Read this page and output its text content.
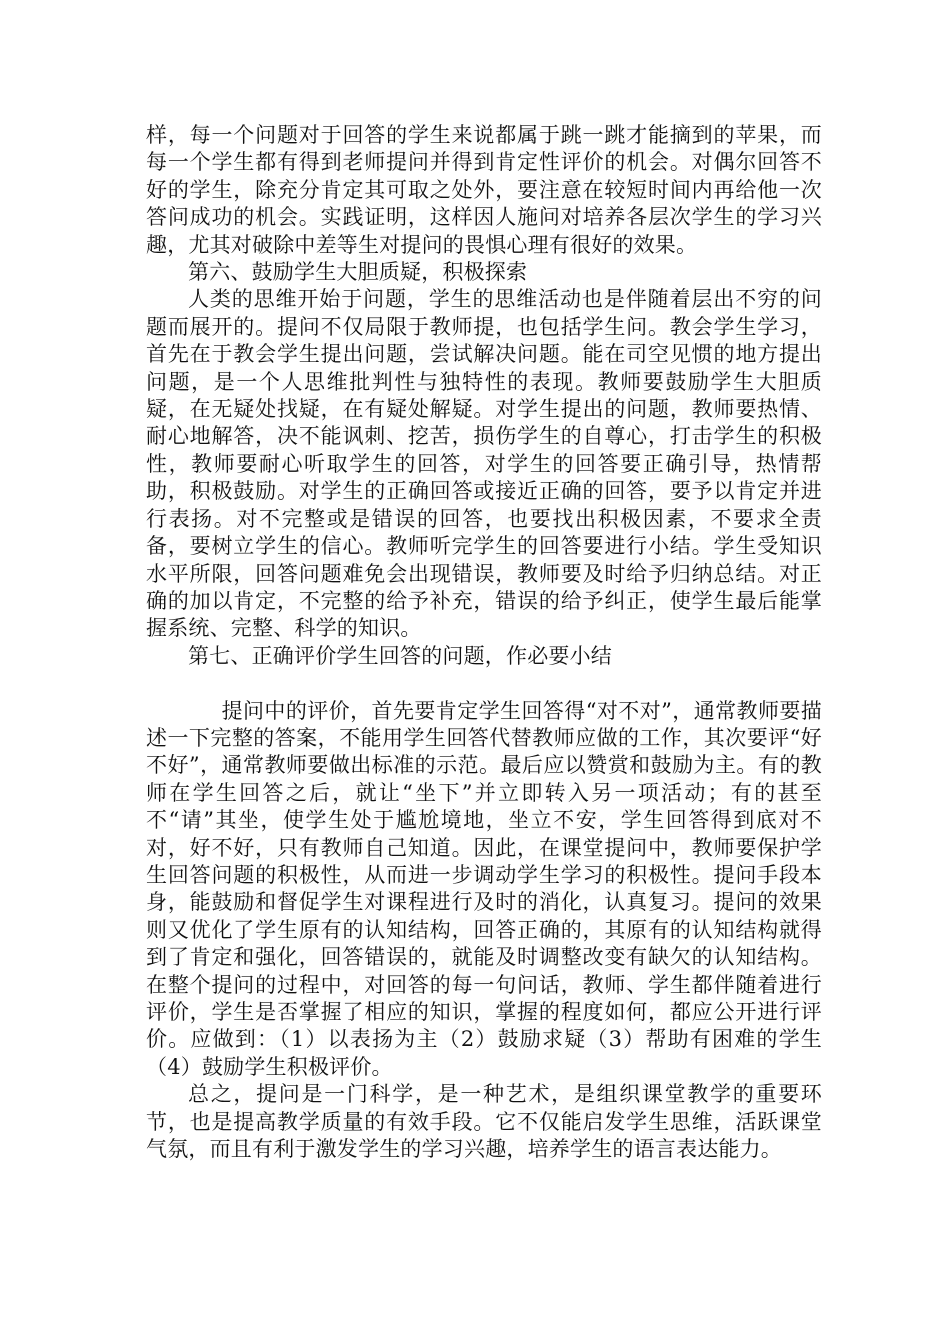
样，每一个问题对于回答的学生来说都属于跳一跳才能摘到的苹果，而每一个学生都有得到老师提问并得到肯定性评价的机会。对偶尔回答不好的学生，除充分肯定其可取之处外，要注意在较短时间内再给他一次答问成功的机会。实践证明，这样因人施问对培养各层次学生的学习兴趣，尤其对破除中差等生对提问的畏惧心理有很好的效果。

第六、鼓励学生大胆质疑，积极探索

人类的思维开始于问题，学生的思维活动也是伴随着层出不穷的问题而展开的。提问不仅局限于教师提，也包括学生问。教会学生学习，首先在于教会学生提出问题，尝试解决问题。能在司空见惯的地方提出问题，是一个人思维批判性与独特性的表现。教师要鼓励学生大胆质疑，在无疑处找疑，在有疑处解疑。对学生提出的问题，教师要热情、耐心地解答，决不能讽刺、挖苦，损伤学生的自尊心，打击学生的积极性，教师要耐心听取学生的回答，对学生的回答要正确引导，热情帮助，积极鼓励。对学生的正确回答或接近正确的回答，要予以肯定并进行表扬。对不完整或是错误的回答，也要找出积极因素，不要求全责备，要树立学生的信心。教师听完学生的回答要进行小结。学生受知识水平所限，回答问题难免会出现错误，教师要及时给予归纳总结。对正确的加以肯定，不完整的给予补充，错误的给予纠正，使学生最后能掌握系统、完整、科学的知识。

第七、正确评价学生回答的问题，作必要小结

提问中的评价，首先要肯定学生回答得“对不对”，通常教师要描述一下完整的答案，不能用学生回答代替教师应做的工作，其次要评“好不好”，通常教师要做出标准的示范。最后应以赞赏和鼓励为主。有的教师在学生回答之后，就让“坐下”并立即转入另一项活动；有的甚至不“请”其坐，使学生处于尴尬境地，坐立不安，学生回答得到底对不对，好不好，只有教师自己知道。因此，在课堂提问中，教师要保护学生回答问题的积极性，从而进一步调动学生学习的积极性。提问手段本身，能鼓励和督促学生对课程进行及时的消化，认真复习。提问的效果则又优化了学生原有的认知结构，回答正确的，其原有的认知结构就得到了肯定和强化，回答错误的，就能及时调整改变有缺欠的认知结构。在整个提问的过程中，对回答的每一句问话，教师、学生都伴随着进行评价，学生是否掌握了相应的知识，掌握的程度如何，都应公开进行评价。应做到：（1）以表扬为主（2）鼓励求疑（3）帮助有困难的学生（4）鼓励学生积极评价。

总之，提问是一门科学，是一种艺术，是组织课堂教学的重要环节，也是提高教学质量的有效手段。它不仅能启发学生思维，活跃课堂气氛，而且有利于激发学生的学习兴趣，培养学生的语言表达能力。
